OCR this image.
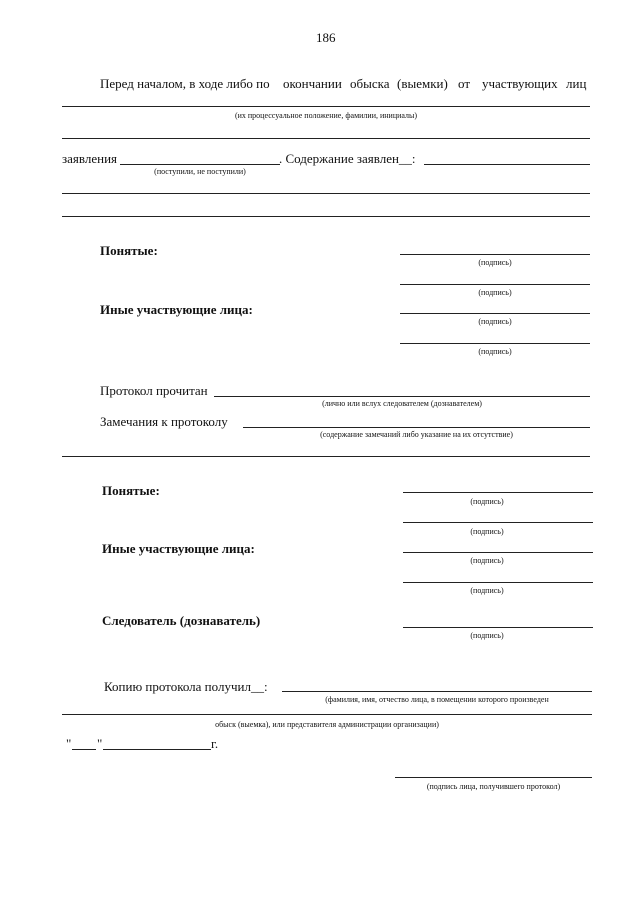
186
Перед началом, в ходе либо по окончании обыска (выемки) от участвующих лиц
(их процессуальное положение, фамилии, инициалы)
заявления
(поступили, не поступили)
. Содержание заявлен__:
Понятые:
(подпись)
(подпись)
Иные участвующие лица:
(подпись)
(подпись)
Протокол прочитан
(лично или вслух следователем (дознавателем)
Замечания к протоколу
(содержание замечаний либо указание на их отсутствие)
Понятые:
(подпись)
(подпись)
Иные участвующие лица:
(подпись)
(подпись)
Следователь (дознаватель)
(подпись)
Копию протокола получил__:
(фамилия, имя, отчество лица, в помещении которого произведен
обыск (выемка), или представителя администрации организации)
" "	г.
(подпись лица, получившего протокол)
